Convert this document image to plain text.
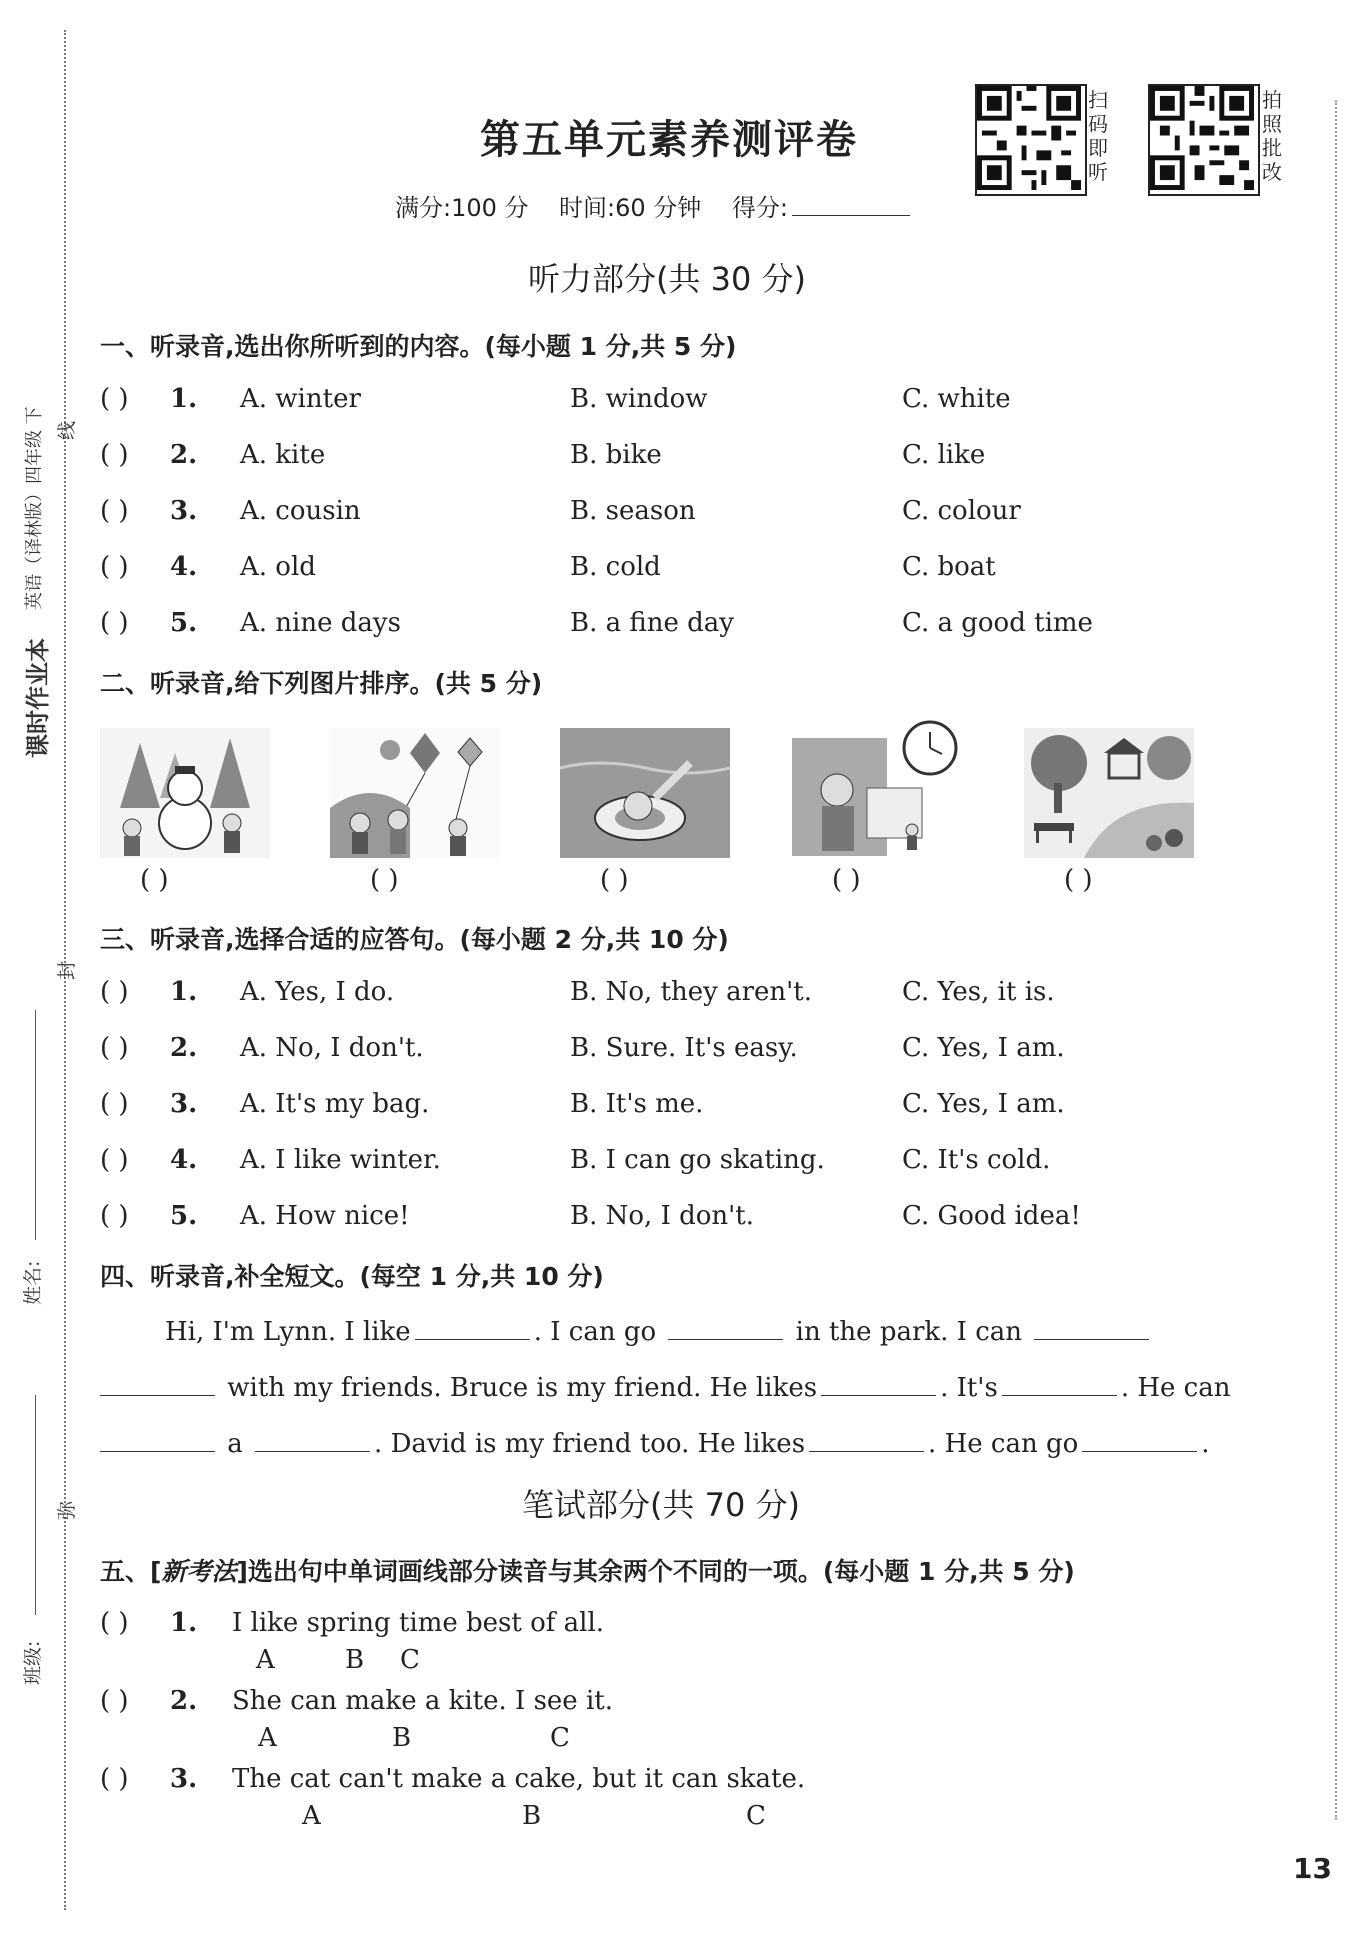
课时作业本
英语（译林版）四年级 下 线
封
弥
姓名:
班级:
第五单元素养测评卷
满分:100 分 时间:60 分钟 得分:
扫
码
即
听
拍
照
批
改
听力部分(共 30 分)
一、听录音,选出你所听到的内容。(每小题 1 分,共 5 分)
( ) 1. A. winter	B. window	C. white
( ) 2. A. kite	B. bike	C. like
( ) 3. A. cousin	B. season	C. colour
( ) 4. A. old	B. cold	C. boat
( ) 5. A. nine days	B. a fine day	C. a good time
二、听录音,给下列图片排序。(共 5 分)
( )	( )	( )	( )	( )
三、听录音,选择合适的应答句。(每小题 2 分,共 10 分)
( ) 1. A. Yes, I do.	B. No, they aren't.	C. Yes, it is.
( ) 2. A. No, I don't.	B. Sure. It's easy.	C. Yes, I am.
( ) 3. A. It's my bag.	B. It's me.	C. Yes, I am.
( ) 4. A. I like winter.	B. I can go skating.	C. It's cold.
( ) 5. A. How nice!	B. No, I don't.	C. Good idea!
四、听录音,补全短文。(每空 1 分,共 10 分)
Hi, I'm Lynn. I like	. I can go	in the park. I can
with my friends. Bruce is my friend. He likes	. It's	. He can
a	. David is my friend too. He likes	. He can go	.
笔试部分(共 70 分)
五、[新考法]选出句中单词画线部分读音与其余两个不同的一项。(每小题 1 分,共 5 分)
( ) 1. I like spring time best of all.
A	B C
( ) 2. She can make a kite. I see it.
A	B	C
( ) 3. The cat can't make a cake, but it can skate.
A	B	C
13
